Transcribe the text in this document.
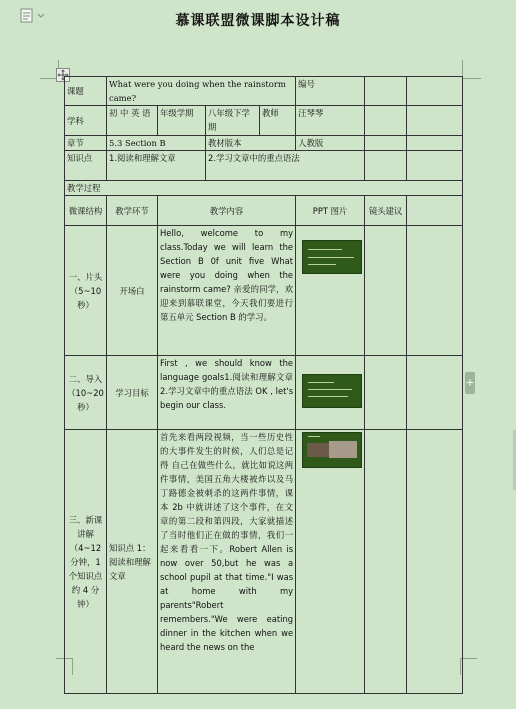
慕课联盟微课脚本设计稿
+
课题	What were you doing when the rainstorm came?				编号		
学科	初 中 英 语	年级学期	八年级下学期	教师	汪琴琴		
章节	5.3 Section B		教材版本		人教版		
知识点	1.阅读和理解文章		2.学习文章中的重点语法				
教学过程							
微课结构	教学环节	教学内容			PPT 图片	镜头建议	
一、片头（5~10秒）	开场白	Hello, welcome to my class.Today we will learn the Section B 0f unit five What were you doing when the rainstorm came? 亲爱的同学，欢迎来到慕联课堂，今天我们要进行第五单元 Section B 的学习。			

二、导入（10~20 秒）	学习目标	First , we should know the language goals1.阅读和理解文章 2.学习文章中的重点语法 OK , let's begin our class.			

三、新课讲解（4~12 分钟，1个知识点约 4 分钟）	知识点 1：阅读和理解文章	首先来看两段视频，当一些历史性的大事件发生的时候，人们总是记得 自己在做些什么，就比如说这两件事情，美国五角大楼被炸以及马丁路德金被刺杀的这两件事情，课本 2b 中就讲述了这个事件，在文章的第二段和第四段，大家就描述了当时他们正在做的事情，我们一起来看看一下。Robert Allen is now over 50,but he was a school pupil at that time."I was at home with my parents"Robert remembers."We were eating dinner in the kitchen when we heard the news on the			
